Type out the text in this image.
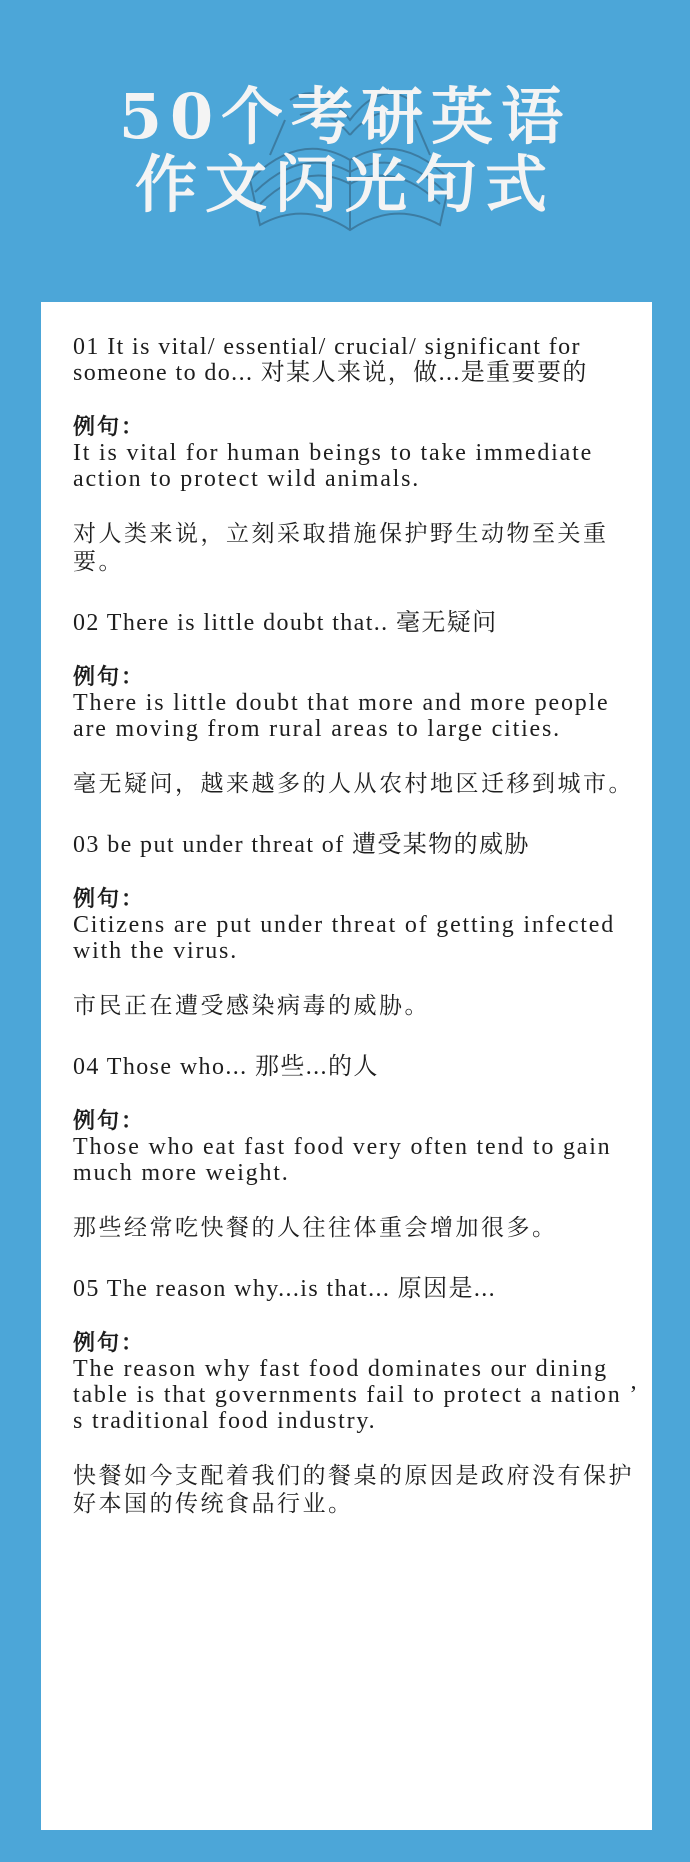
50个考研英语
作文闪光句式

01 It is vital/ essential/ crucial/ significant for someone to do... 对某人来说，做...是重要要的

例句：

It is vital for human beings to take immediate action to protect wild animals.

对人类来说，立刻采取措施保护野生动物至关重要。

02 There is little doubt that.. 毫无疑问

例句：

There is little doubt that more and more people are moving from rural areas to large cities.

毫无疑问，越来越多的人从农村地区迁移到城市。

03 be put under threat of 遭受某物的威胁

例句：

Citizens are put under threat of getting infected with the virus.

市民正在遭受感染病毒的威胁。

04 Those who... 那些...的人

例句：

Those who eat fast food very often tend to gain much more weight.

那些经常吃快餐的人往往体重会增加很多。

05 The reason why...is that... 原因是...

例句：

The reason why fast food dominates our dining table is that governments fail to protect a nation ’ s traditional food industry.

快餐如今支配着我们的餐桌的原因是政府没有保护好本国的传统食品行业。
